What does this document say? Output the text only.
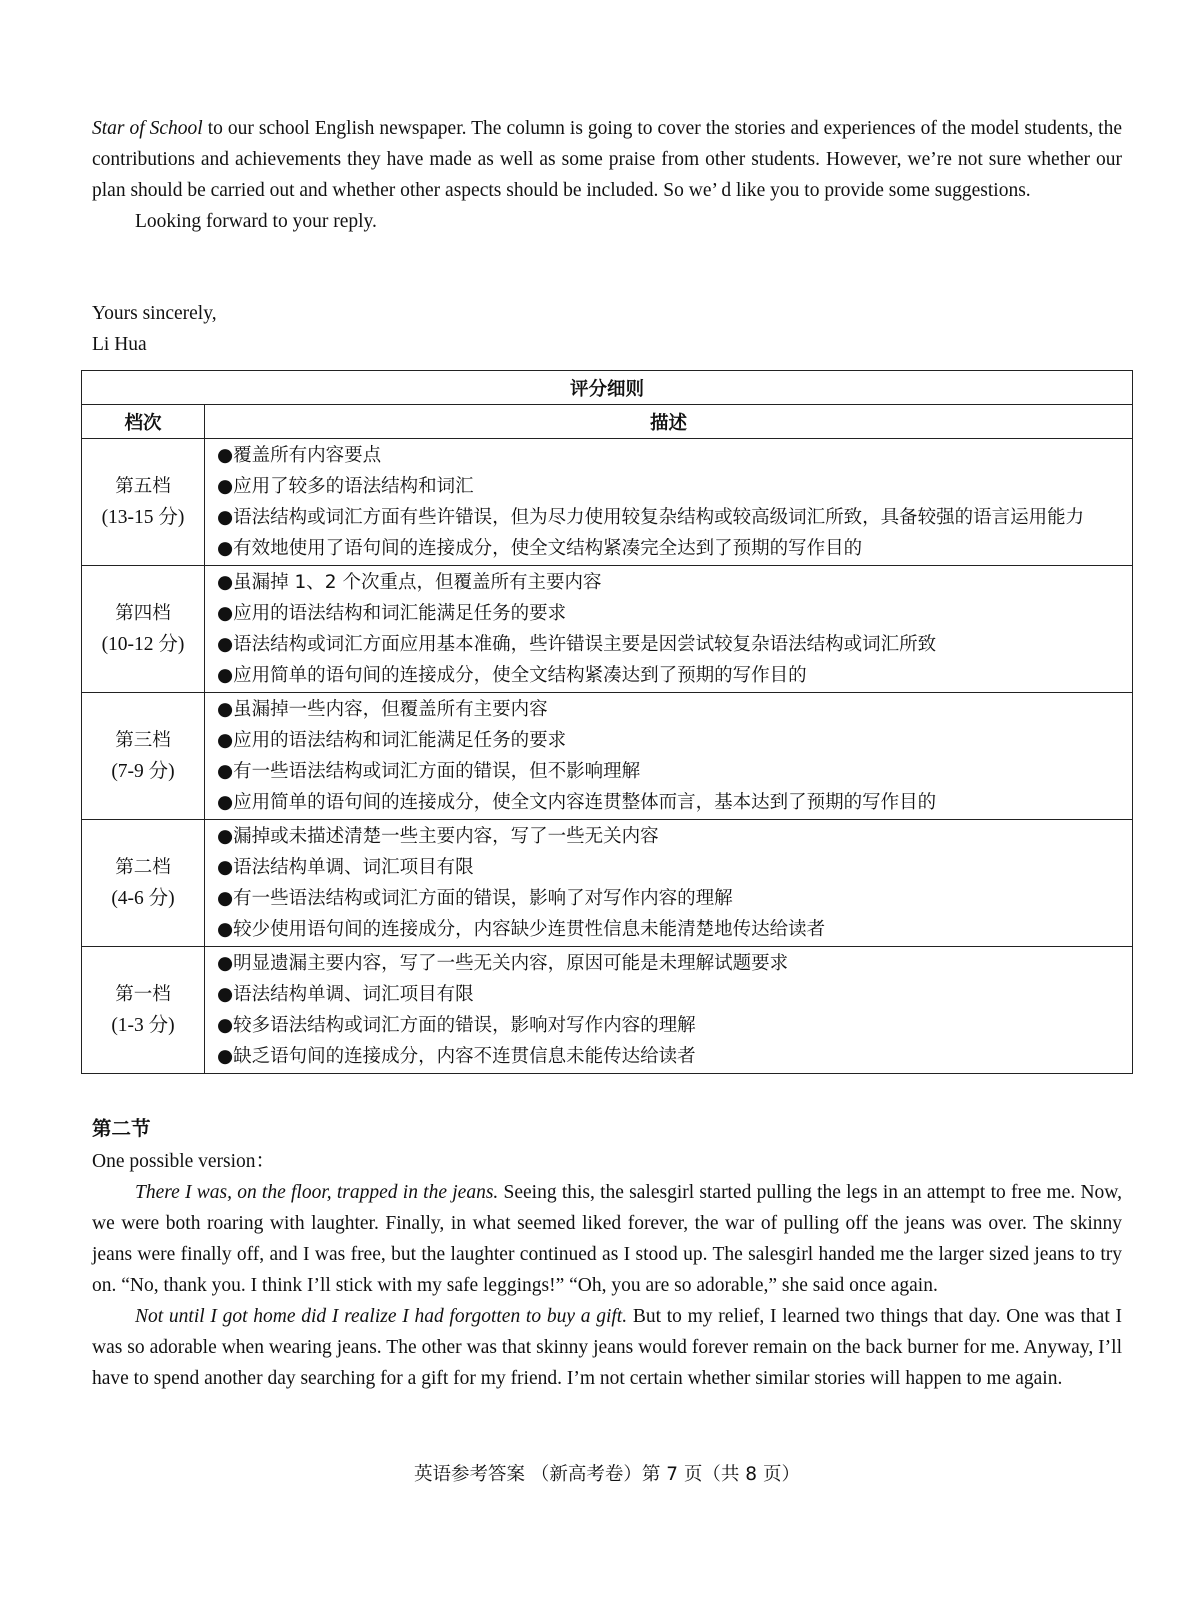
Star of School to our school English newspaper. The column is going to cover the stories and experiences of the model students, the contributions and achievements they have made as well as some praise from other students. However, we’re not sure whether our plan should be carried out and whether other aspects should be included. So we’ d like you to provide some suggestions.

Looking forward to your reply.

Yours sincerely,
Li Hua
评分细则	
档次	描述

第五档
(13-15 分)	●覆盖所有内容要点
●应用了较多的语法结构和词汇
●语法结构或词汇方面有些许错误，但为尽力使用较复杂结构或较高级词汇所致，具备较强的语言运用能力
●有效地使用了语句间的连接成分，使全文结构紧凑完全达到了预期的写作目的

第四档
(10-12 分)	●虽漏掉 1、2 个次重点，但覆盖所有主要内容
●应用的语法结构和词汇能满足任务的要求
●语法结构或词汇方面应用基本准确，些许错误主要是因尝试较复杂语法结构或词汇所致
●应用简单的语句间的连接成分，使全文结构紧凑达到了预期的写作目的

第三档
(7-9 分)	●虽漏掉一些内容，但覆盖所有主要内容
●应用的语法结构和词汇能满足任务的要求
●有一些语法结构或词汇方面的错误，但不影响理解
●应用简单的语句间的连接成分，使全文内容连贯整体而言，基本达到了预期的写作目的

第二档
(4-6 分)	●漏掉或未描述清楚一些主要内容，写了一些无关内容
●语法结构单调、词汇项目有限
●有一些语法结构或词汇方面的错误，影响了对写作内容的理解
●较少使用语句间的连接成分，内容缺少连贯性信息未能清楚地传达给读者

第一档
(1-3 分)	●明显遗漏主要内容，写了一些无关内容，原因可能是未理解试题要求
●语法结构单调、词汇项目有限
●较多语法结构或词汇方面的错误，影响对写作内容的理解
●缺乏语句间的连接成分，内容不连贯信息未能传达给读者
第二节
One possible version：

There I was, on the floor, trapped in the jeans. Seeing this, the salesgirl started pulling the legs in an attempt to free me. Now, we were both roaring with laughter. Finally, in what seemed liked forever, the war of pulling off the jeans was over. The skinny jeans were finally off, and I was free, but the laughter continued as I stood up. The salesgirl handed me the larger sized jeans to try on. “No, thank you. I think I’ll stick with my safe leggings!” “Oh, you are so adorable,” she said once again.

Not until I got home did I realize I had forgotten to buy a gift. But to my relief, I learned two things that day. One was that I was so adorable when wearing jeans. The other was that skinny jeans would forever remain on the back burner for me. Anyway, I’ll have to spend another day searching for a gift for my friend. I’m not certain whether similar stories will happen to me again.

英语参考答案 （新高考卷）第 7 页（共 8 页）
